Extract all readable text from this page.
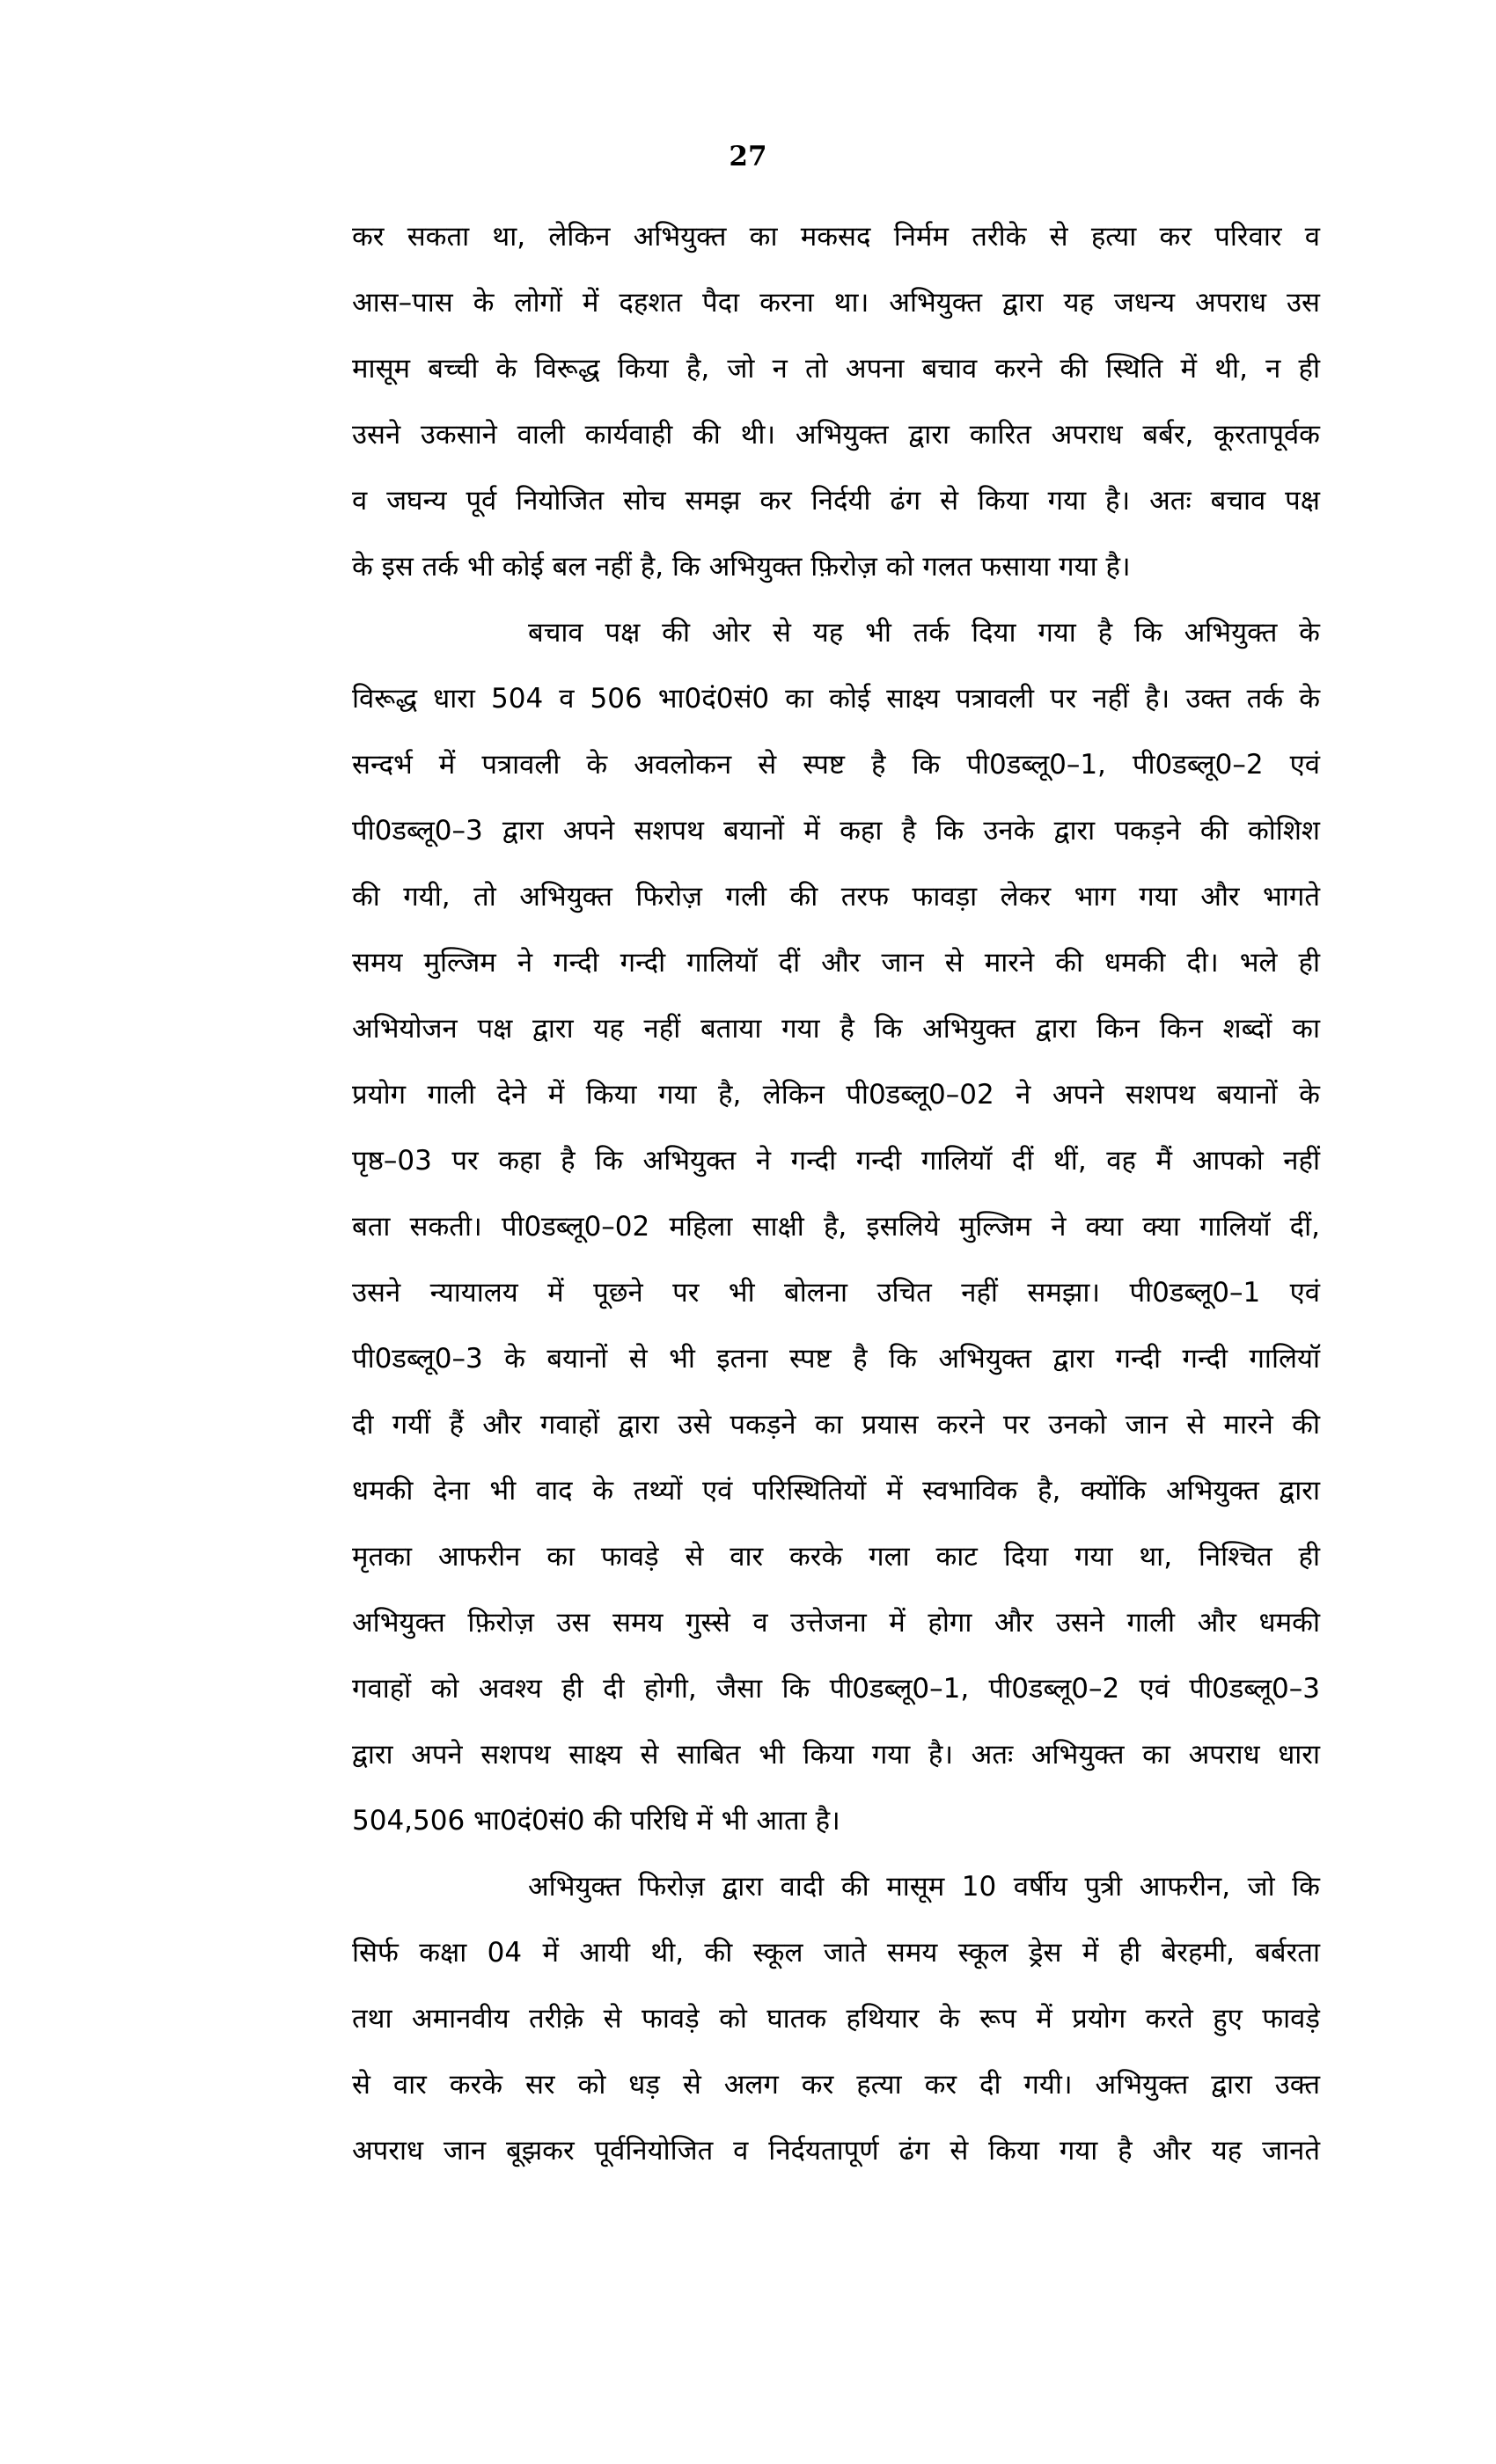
27
कर सकता था, लेकिन अभियुक्त का मकसद निर्मम तरीके से हत्या कर परिवार व
आस–पास के लोगों में दहशत पैदा करना था। अभियुक्त द्वारा यह जधन्य अपराध उस
मासूम बच्ची के विरूद्ध किया है, जो न तो अपना बचाव करने की स्थिति में थी, न ही
उसने उकसाने वाली कार्यवाही की थी। अभियुक्त द्वारा कारित अपराध बर्बर, कूरतापूर्वक
व जघन्य पूर्व नियोजित सोच समझ कर निर्दयी ढंग से किया गया है। अतः बचाव पक्ष
के इस तर्क भी कोई बल नहीं है, कि अभियुक्त फ़िरोज़ को गलत फसाया गया है।
बचाव पक्ष की ओर से यह भी तर्क दिया गया है कि अभियुक्त के
विरूद्ध धारा 504 व 506 भा0दं0सं0 का कोई साक्ष्य पत्रावली पर नहीं है। उक्त तर्क के
सन्दर्भ में पत्रावली के अवलोकन से स्पष्ट है कि पी0डब्लू0–1, पी0डब्लू0–2 एवं
पी0डब्लू0–3 द्वारा अपने सशपथ बयानों में कहा है कि उनके द्वारा पकड़ने की कोशिश
की गयी, तो अभियुक्त फिरोज़ गली की तरफ फावड़ा लेकर भाग गया और भागते
समय मुल्जिम ने गन्दी गन्दी गालियॉ दीं और जान से मारने की धमकी दी। भले ही
अभियोजन पक्ष द्वारा यह नहीं बताया गया है कि अभियुक्त द्वारा किन किन शब्दों का
प्रयोग गाली देने में किया गया है, लेकिन पी0डब्लू0–02 ने अपने सशपथ बयानों के
पृष्ठ–03 पर कहा है कि अभियुक्त ने गन्दी गन्दी गालियॉ दीं थीं, वह मैं आपको नहीं
बता सकती। पी0डब्लू0–02 महिला साक्षी है, इसलिये मुल्जिम ने क्या क्या गालियॉ दीं,
उसने न्यायालय में पूछने पर भी बोलना उचित नहीं समझा। पी0डब्लू0–1 एवं
पी0डब्लू0–3 के बयानों से भी इतना स्पष्ट है कि अभियुक्त द्वारा गन्दी गन्दी गालियॉ
दी गयीं हैं और गवाहों द्वारा उसे पकड़ने का प्रयास करने पर उनको जान से मारने की
धमकी देना भी वाद के तथ्यों एवं परिस्थितियों में स्वभाविक है, क्योंकि अभियुक्त द्वारा
मृतका आफरीन का फावड़े से वार करके गला काट दिया गया था, निश्चित ही
अभियुक्त फ़िरोज़ उस समय गुस्से व उत्तेजना में होगा और उसने गाली और धमकी
गवाहों को अवश्य ही दी होगी, जैसा कि पी0डब्लू0–1, पी0डब्लू0–2 एवं पी0डब्लू0–3
द्वारा अपने सशपथ साक्ष्य से साबित भी किया गया है। अतः अभियुक्त का अपराध धारा
504,506 भा0दं0सं0 की परिधि में भी आता है।
अभियुक्त फिरोज़ द्वारा वादी की मासूम 10 वर्षीय पुत्री आफरीन, जो कि
सिर्फ कक्षा 04 में आयी थी, की स्कूल जाते समय स्कूल ड्रेस में ही बेरहमी, बर्बरता
तथा अमानवीय तरीक़े से फावड़े को घातक हथियार के रूप में प्रयोग करते हुए फावड़े
से वार करके सर को धड़ से अलग कर हत्या कर दी गयी। अभियुक्त द्वारा उक्त
अपराध जान बूझकर पूर्वनियोजित व निर्दयतापूर्ण ढंग से किया गया है और यह जानते
